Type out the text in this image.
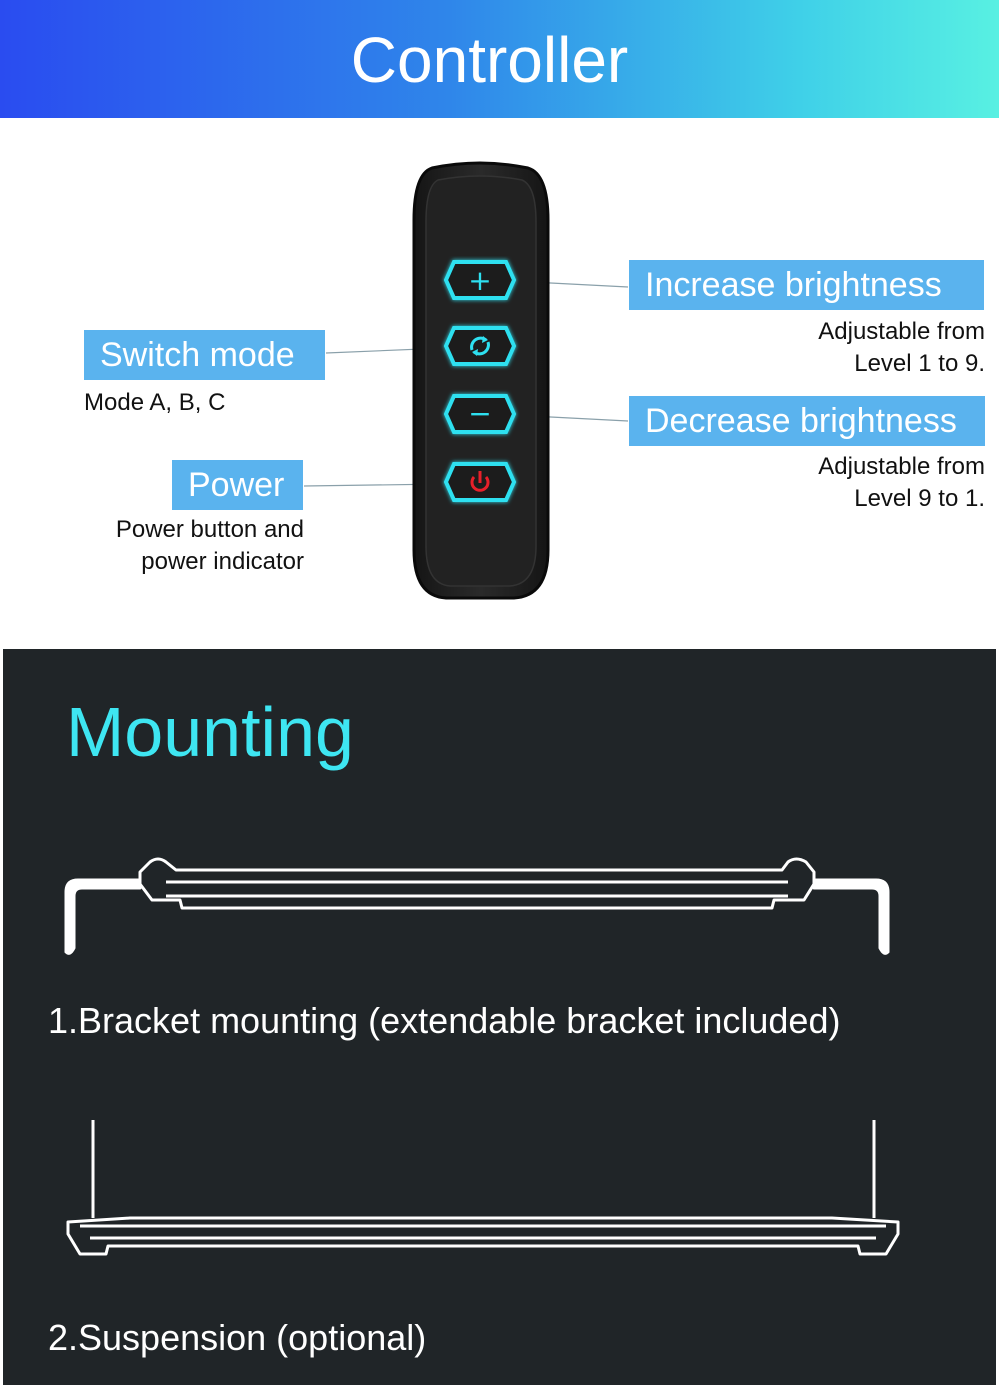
Controller
+
−
Increase brightness
Adjustable from
Level 1 to 9.
Switch mode
Mode A, B, C	Decrease brightness
Adjustable from
Level 9 to 1.
Power
Power button and
power indicator
Mounting
1.Bracket mounting (extendable bracket included)
2.Suspension (optional)
